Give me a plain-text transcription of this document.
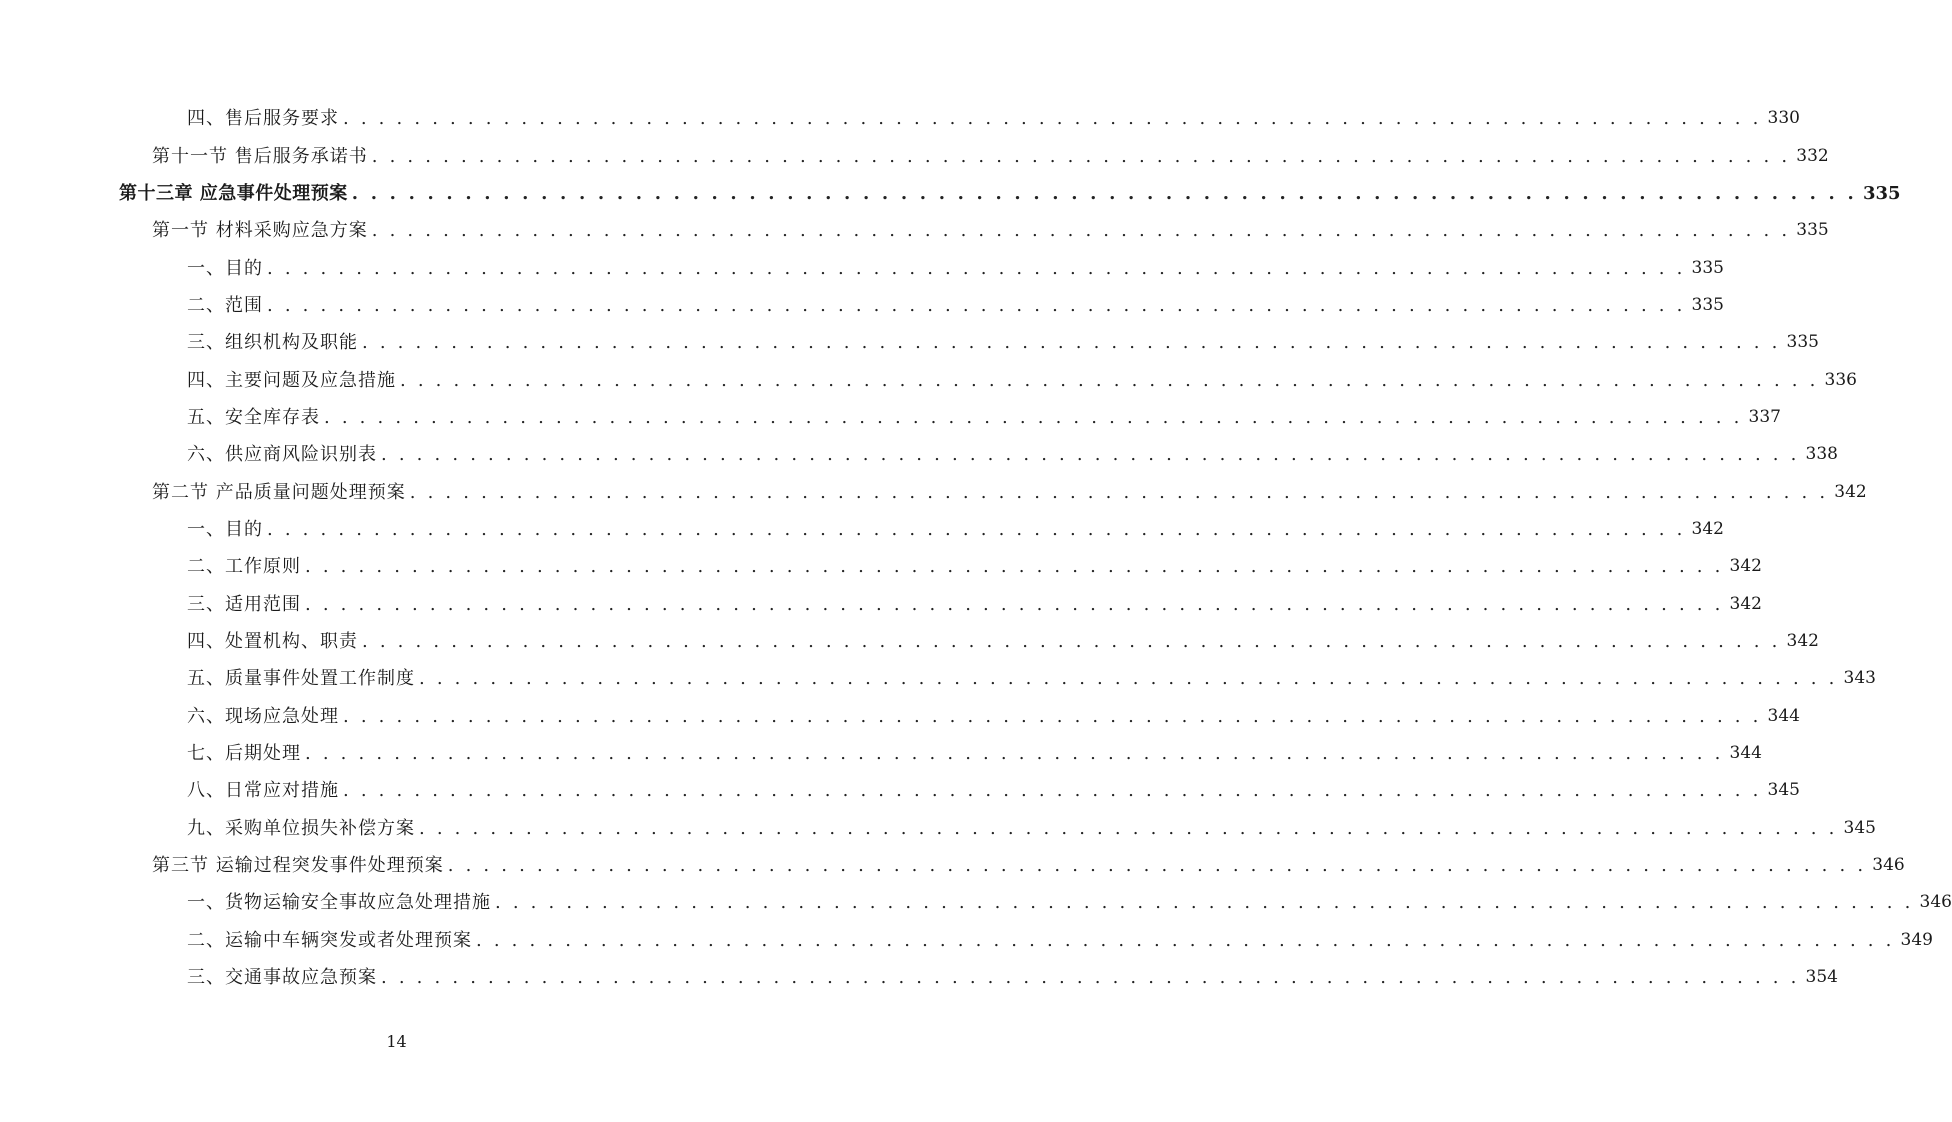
四、售后服务要求 . . . . . . . . . . . . . . . . . . . . . . . . . . . . . . . . . . . . . . . . . . . . . . . . . . . . . . . . . . . . . . . . . . . . . . . . . . . . . . . . 330
第十一节 售后服务承诺书 . . . . . . . . . . . . . . . . . . . . . . . . . . . . . . . . . . . . . . . . . . . . . . . . . . . . . . . . . . . . . . . . . . . . . . . . . . . . . . . . 332
第十三章 应急事件处理预案 . . . . . . . . . . . . . . . . . . . . . . . . . . . . . . . . . . . . . . . . . . . . . . . . . . . . . . . . . . . . . . . . . . . . . . . . . . . . . . . . 335
第一节 材料采购应急方案 . . . . . . . . . . . . . . . . . . . . . . . . . . . . . . . . . . . . . . . . . . . . . . . . . . . . . . . . . . . . . . . . . . . . . . . . . . . . . . . . 335
一、目的 . . . . . . . . . . . . . . . . . . . . . . . . . . . . . . . . . . . . . . . . . . . . . . . . . . . . . . . . . . . . . . . . . . . . . . . . . . . . . . . . 335
二、范围 . . . . . . . . . . . . . . . . . . . . . . . . . . . . . . . . . . . . . . . . . . . . . . . . . . . . . . . . . . . . . . . . . . . . . . . . . . . . . . . . 335
三、组织机构及职能 . . . . . . . . . . . . . . . . . . . . . . . . . . . . . . . . . . . . . . . . . . . . . . . . . . . . . . . . . . . . . . . . . . . . . . . . . . . . . . . . 335
四、主要问题及应急措施 . . . . . . . . . . . . . . . . . . . . . . . . . . . . . . . . . . . . . . . . . . . . . . . . . . . . . . . . . . . . . . . . . . . . . . . . . . . . . . . . 336
五、安全库存表 . . . . . . . . . . . . . . . . . . . . . . . . . . . . . . . . . . . . . . . . . . . . . . . . . . . . . . . . . . . . . . . . . . . . . . . . . . . . . . . . 337
六、供应商风险识别表 . . . . . . . . . . . . . . . . . . . . . . . . . . . . . . . . . . . . . . . . . . . . . . . . . . . . . . . . . . . . . . . . . . . . . . . . . . . . . . . . 338
第二节 产品质量问题处理预案 . . . . . . . . . . . . . . . . . . . . . . . . . . . . . . . . . . . . . . . . . . . . . . . . . . . . . . . . . . . . . . . . . . . . . . . . . . . . . . . . 342
一、目的 . . . . . . . . . . . . . . . . . . . . . . . . . . . . . . . . . . . . . . . . . . . . . . . . . . . . . . . . . . . . . . . . . . . . . . . . . . . . . . . . 342
二、工作原则 . . . . . . . . . . . . . . . . . . . . . . . . . . . . . . . . . . . . . . . . . . . . . . . . . . . . . . . . . . . . . . . . . . . . . . . . . . . . . . . . 342
三、适用范围 . . . . . . . . . . . . . . . . . . . . . . . . . . . . . . . . . . . . . . . . . . . . . . . . . . . . . . . . . . . . . . . . . . . . . . . . . . . . . . . . 342
四、处置机构、职责 . . . . . . . . . . . . . . . . . . . . . . . . . . . . . . . . . . . . . . . . . . . . . . . . . . . . . . . . . . . . . . . . . . . . . . . . . . . . . . . . 342
五、质量事件处置工作制度 . . . . . . . . . . . . . . . . . . . . . . . . . . . . . . . . . . . . . . . . . . . . . . . . . . . . . . . . . . . . . . . . . . . . . . . . . . . . . . . . 343
六、现场应急处理 . . . . . . . . . . . . . . . . . . . . . . . . . . . . . . . . . . . . . . . . . . . . . . . . . . . . . . . . . . . . . . . . . . . . . . . . . . . . . . . . 344
七、后期处理 . . . . . . . . . . . . . . . . . . . . . . . . . . . . . . . . . . . . . . . . . . . . . . . . . . . . . . . . . . . . . . . . . . . . . . . . . . . . . . . . 344
八、日常应对措施 . . . . . . . . . . . . . . . . . . . . . . . . . . . . . . . . . . . . . . . . . . . . . . . . . . . . . . . . . . . . . . . . . . . . . . . . . . . . . . . . 345
九、采购单位损失补偿方案 . . . . . . . . . . . . . . . . . . . . . . . . . . . . . . . . . . . . . . . . . . . . . . . . . . . . . . . . . . . . . . . . . . . . . . . . . . . . . . . . 345
第三节 运输过程突发事件处理预案 . . . . . . . . . . . . . . . . . . . . . . . . . . . . . . . . . . . . . . . . . . . . . . . . . . . . . . . . . . . . . . . . . . . . . . . . . . . . . . . . 346
一、货物运输安全事故应急处理措施 . . . . . . . . . . . . . . . . . . . . . . . . . . . . . . . . . . . . . . . . . . . . . . . . . . . . . . . . . . . . . . . . . . . . . . . . . . . . . . . . 346
二、运输中车辆突发或者处理预案 . . . . . . . . . . . . . . . . . . . . . . . . . . . . . . . . . . . . . . . . . . . . . . . . . . . . . . . . . . . . . . . . . . . . . . . . . . . . . . . . 349
三、交通事故应急预案 . . . . . . . . . . . . . . . . . . . . . . . . . . . . . . . . . . . . . . . . . . . . . . . . . . . . . . . . . . . . . . . . . . . . . . . . . . . . . . . . 354
14
